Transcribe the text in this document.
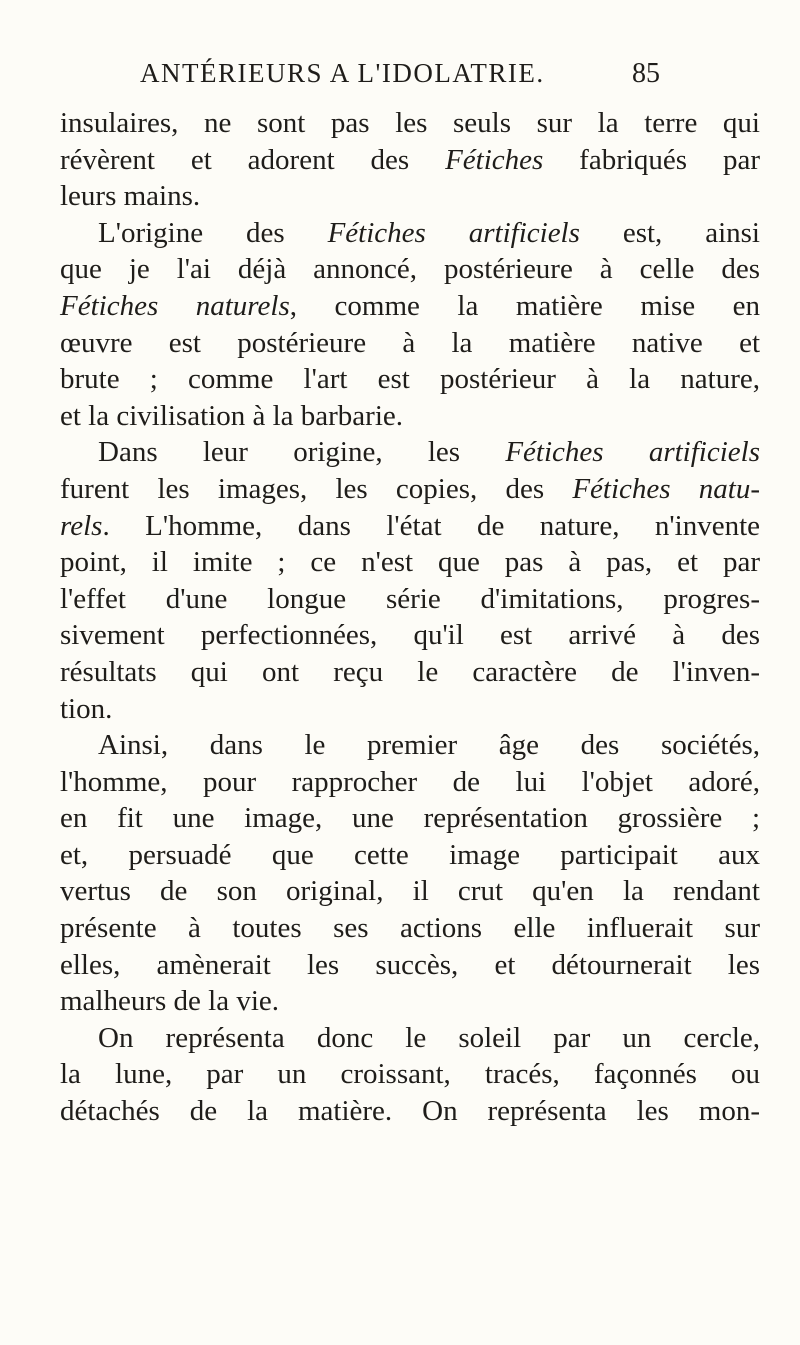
ANTÉRIEURS A L'IDOLATRIE.	85
insulaires, ne sont pas les seuls sur la terre qui
révèrent et adorent des Fétiches fabriqués par
leurs mains.
L'origine des Fétiches artificiels est, ainsi
que je l'ai déjà annoncé, postérieure à celle des
Fétiches naturels, comme la matière mise en
œuvre est postérieure à la matière native et
brute ; comme l'art est postérieur à la nature,
et la civilisation à la barbarie.
Dans leur origine, les Fétiches artificiels
furent les images, les copies, des Fétiches natu-
rels. L'homme, dans l'état de nature, n'invente
point, il imite ; ce n'est que pas à pas, et par
l'effet d'une longue série d'imitations, progres-
sivement perfectionnées, qu'il est arrivé à des
résultats qui ont reçu le caractère de l'inven-
tion.
Ainsi, dans le premier âge des sociétés,
l'homme, pour rapprocher de lui l'objet adoré,
en fit une image, une représentation grossière ;
et, persuadé que cette image participait aux
vertus de son original, il crut qu'en la rendant
présente à toutes ses actions elle influerait sur
elles, amènerait les succès, et détournerait les
malheurs de la vie.
On représenta donc le soleil par un cercle,
la lune, par un croissant, tracés, façonnés ou
détachés de la matière. On représenta les mon-
